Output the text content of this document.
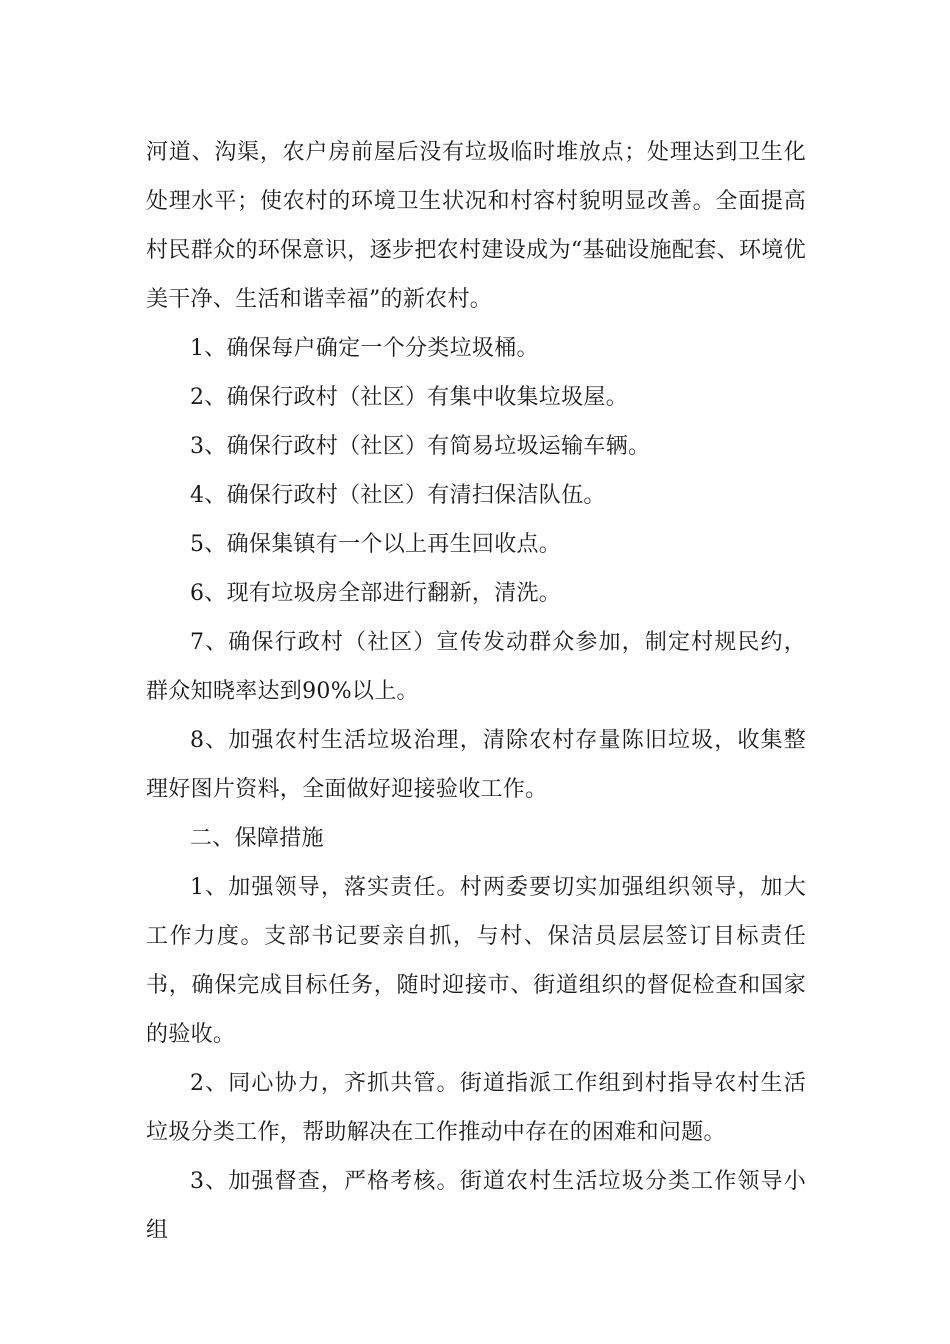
河道、沟渠，农户房前屋后没有垃圾临时堆放点；处理达到卫生化处理水平；使农村的环境卫生状况和村容村貌明显改善。全面提高村民群众的环保意识，逐步把农村建设成为“基础设施配套、环境优美干净、生活和谐幸福”的新农村。

1、确保每户确定一个分类垃圾桶。

2、确保行政村（社区）有集中收集垃圾屋。

3、确保行政村（社区）有简易垃圾运输车辆。

4、确保行政村（社区）有清扫保洁队伍。

5、确保集镇有一个以上再生回收点。

6、现有垃圾房全部进行翻新，清洗。

7、确保行政村（社区）宣传发动群众参加，制定村规民约，群众知晓率达到90%以上。

8、加强农村生活垃圾治理，清除农村存量陈旧垃圾，收集整理好图片资料，全面做好迎接验收工作。

二、保障措施

1、加强领导，落实责任。村两委要切实加强组织领导，加大工作力度。支部书记要亲自抓，与村、保洁员层层签订目标责任书，确保完成目标任务，随时迎接市、街道组织的督促检查和国家的验收。

2、同心协力，齐抓共管。街道指派工作组到村指导农村生活垃圾分类工作，帮助解决在工作推动中存在的困难和问题。

3、加强督查，严格考核。街道农村生活垃圾分类工作领导小组
